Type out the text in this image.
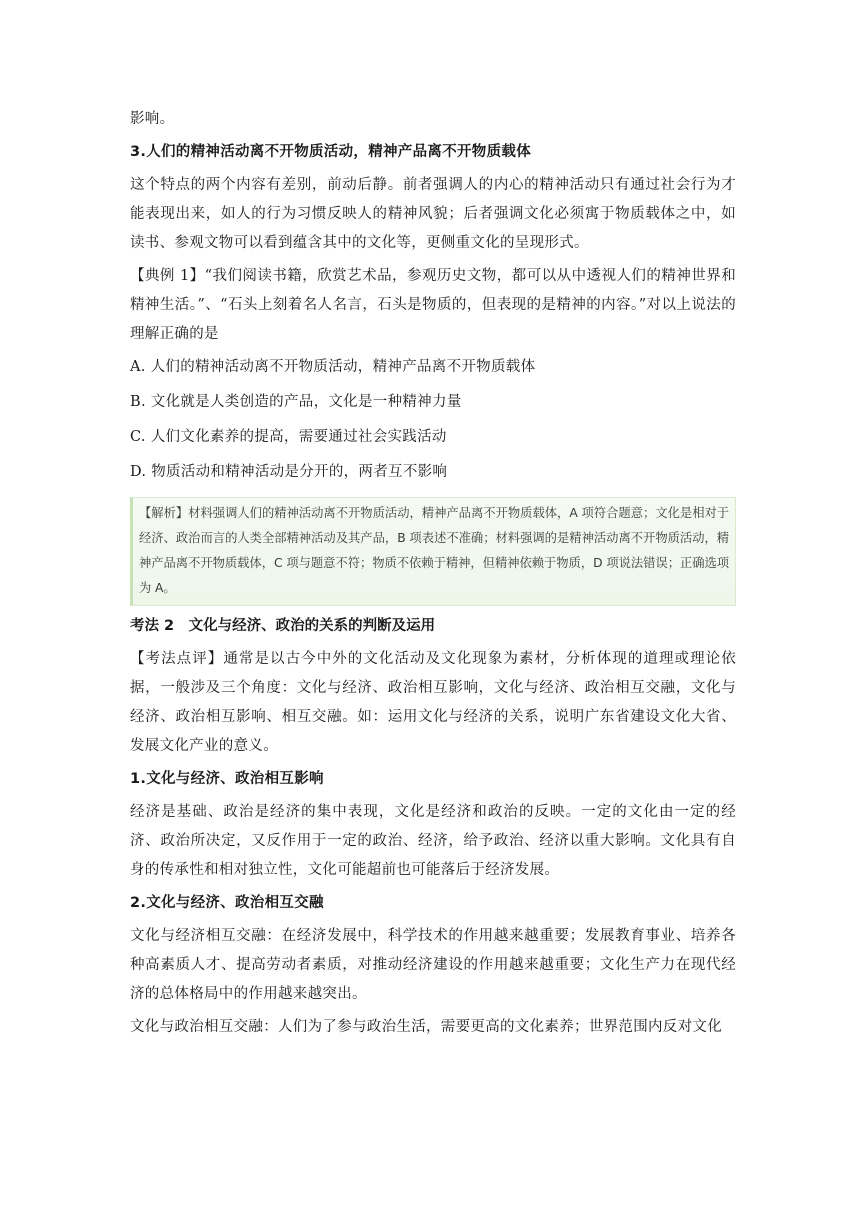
影响。

3.人们的精神活动离不开物质活动，精神产品离不开物质载体

这个特点的两个内容有差别，前动后静。前者强调人的内心的精神活动只有通过社会行为才能表现出来，如人的行为习惯反映人的精神风貌；后者强调文化必须寓于物质载体之中，如读书、参观文物可以看到蕴含其中的文化等，更侧重文化的呈现形式。

【典例 1】“我们阅读书籍，欣赏艺术品，参观历史文物，都可以从中透视人们的精神世界和精神生活。”、“石头上刻着名人名言，石头是物质的，但表现的是精神的内容。”对以上说法的理解正确的是

A. 人们的精神活动离不开物质活动，精神产品离不开物质载体

B. 文化就是人类创造的产品，文化是一种精神力量

C. 人们文化素养的提高，需要通过社会实践活动

D. 物质活动和精神活动是分开的，两者互不影响

【解析】材料强调人们的精神活动离不开物质活动，精神产品离不开物质载体，A 项符合题意；文化是相对于经济、政治而言的人类全部精神活动及其产品，B 项表述不准确；材料强调的是精神活动离不开物质活动，精神产品离不开物质载体，C 项与题意不符；物质不依赖于精神，但精神依赖于物质，D 项说法错误；正确选项为 A。

考法 2　文化与经济、政治的关系的判断及运用

【考法点评】通常是以古今中外的文化活动及文化现象为素材，分析体现的道理或理论依据，一般涉及三个角度：文化与经济、政治相互影响，文化与经济、政治相互交融，文化与经济、政治相互影响、相互交融。如：运用文化与经济的关系，说明广东省建设文化大省、发展文化产业的意义。

1.文化与经济、政治相互影响

经济是基础、政治是经济的集中表现，文化是经济和政治的反映。一定的文化由一定的经济、政治所决定，又反作用于一定的政治、经济，给予政治、经济以重大影响。文化具有自身的传承性和相对独立性，文化可能超前也可能落后于经济发展。

2.文化与经济、政治相互交融

文化与经济相互交融：在经济发展中，科学技术的作用越来越重要；发展教育事业、培养各种高素质人才、提高劳动者素质，对推动经济建设的作用越来越重要；文化生产力在现代经济的总体格局中的作用越来越突出。

文化与政治相互交融：人们为了参与政治生活，需要更高的文化素养；世界范围内反对文化
